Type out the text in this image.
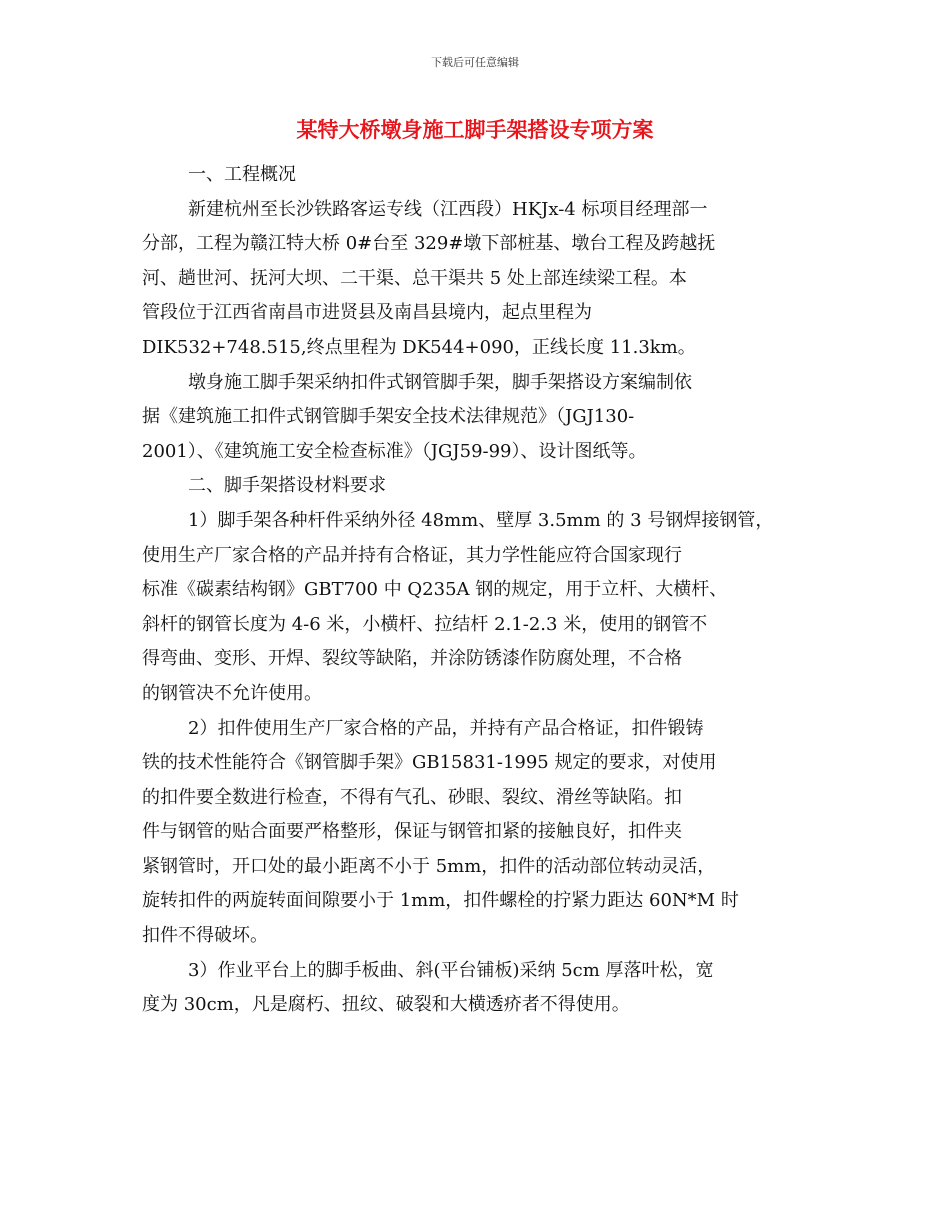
下载后可任意编辑
某特大桥墩身施工脚手架搭设专项方案
一、工程概况
新建杭州至长沙铁路客运专线（江西段）HKJx-4 标项目经理部一
分部，工程为赣江特大桥 0#台至 329#墩下部桩基、墩台工程及跨越抚
河、趟世河、抚河大坝、二干渠、总干渠共 5 处上部连续梁工程。本
管段位于江西省南昌市进贤县及南昌县境内，起点里程为
DIK532+748.515,终点里程为 DK544+090，正线长度 11.3km。
墩身施工脚手架采纳扣件式钢管脚手架，脚手架搭设方案编制依
据《建筑施工扣件式钢管脚手架安全技术法律规范》（JGJ130-
2001）、《建筑施工安全检查标准》（JGJ59-99）、设计图纸等。
二、脚手架搭设材料要求
1）脚手架各种杆件采纳外径 48mm、壁厚 3.5mm 的 3 号钢焊接钢管，
使用生产厂家合格的产品并持有合格证，其力学性能应符合国家现行
标准《碳素结构钢》GBT700 中 Q235A 钢的规定，用于立杆、大横杆、
斜杆的钢管长度为 4-6 米，小横杆、拉结杆 2.1-2.3 米，使用的钢管不
得弯曲、变形、开焊、裂纹等缺陷，并涂防锈漆作防腐处理，不合格
的钢管决不允许使用。
2）扣件使用生产厂家合格的产品，并持有产品合格证，扣件锻铸
铁的技术性能符合《钢管脚手架》GB15831-1995 规定的要求，对使用
的扣件要全数进行检查，不得有气孔、砂眼、裂纹、滑丝等缺陷。扣
件与钢管的贴合面要严格整形，保证与钢管扣紧的接触良好，扣件夹
紧钢管时，开口处的最小距离不小于 5mm，扣件的活动部位转动灵活，
旋转扣件的两旋转面间隙要小于 1mm，扣件螺栓的拧紧力距达 60N*M 时
扣件不得破坏。
3）作业平台上的脚手板曲、斜(平台铺板)采纳 5cm 厚落叶松，宽
度为 30cm，凡是腐朽、扭纹、破裂和大横透疥者不得使用。
